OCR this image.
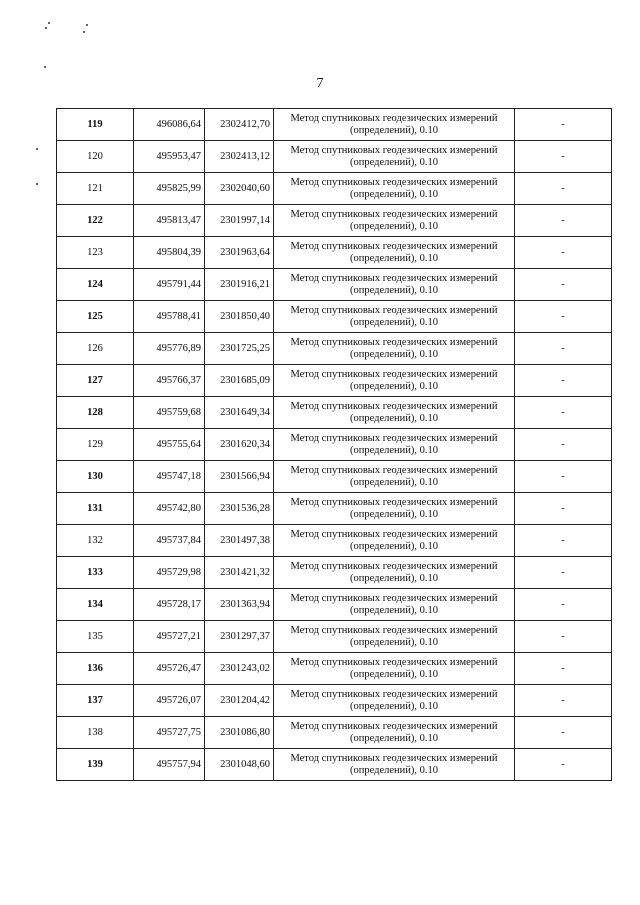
7
119	496086,64	2302412,70	Метод спутниковых геодезических измерений
(определений), 0.10	-
120	495953,47	2302413,12	Метод спутниковых геодезических измерений
(определений), 0.10	-
121	495825,99	2302040,60	Метод спутниковых геодезических измерений
(определений), 0.10	-
122	495813,47	2301997,14	Метод спутниковых геодезических измерений
(определений), 0.10	-
123	495804,39	2301963,64	Метод спутниковых геодезических измерений
(определений), 0.10	-
124	495791,44	2301916,21	Метод спутниковых геодезических измерений
(определений), 0.10	-
125	495788,41	2301850,40	Метод спутниковых геодезических измерений
(определений), 0.10	-
126	495776,89	2301725,25	Метод спутниковых геодезических измерений
(определений), 0.10	-
127	495766,37	2301685,09	Метод спутниковых геодезических измерений
(определений), 0.10	-
128	495759,68	2301649,34	Метод спутниковых геодезических измерений
(определений), 0.10	-
129	495755,64	2301620,34	Метод спутниковых геодезических измерений
(определений), 0.10	-
130	495747,18	2301566,94	Метод спутниковых геодезических измерений
(определений), 0.10	-
131	495742,80	2301536,28	Метод спутниковых геодезических измерений
(определений), 0.10	-
132	495737,84	2301497,38	Метод спутниковых геодезических измерений
(определений), 0.10	-
133	495729,98	2301421,32	Метод спутниковых геодезических измерений
(определений), 0.10	-
134	495728,17	2301363,94	Метод спутниковых геодезических измерений
(определений), 0.10	-
135	495727,21	2301297,37	Метод спутниковых геодезических измерений
(определений), 0.10	-
136	495726,47	2301243,02	Метод спутниковых геодезических измерений
(определений), 0.10	-
137	495726,07	2301204,42	Метод спутниковых геодезических измерений
(определений), 0.10	-
138	495727,75	2301086,80	Метод спутниковых геодезических измерений
(определений), 0.10	-
139	495757,94	2301048,60	Метод спутниковых геодезических измерений
(определений), 0.10	-
